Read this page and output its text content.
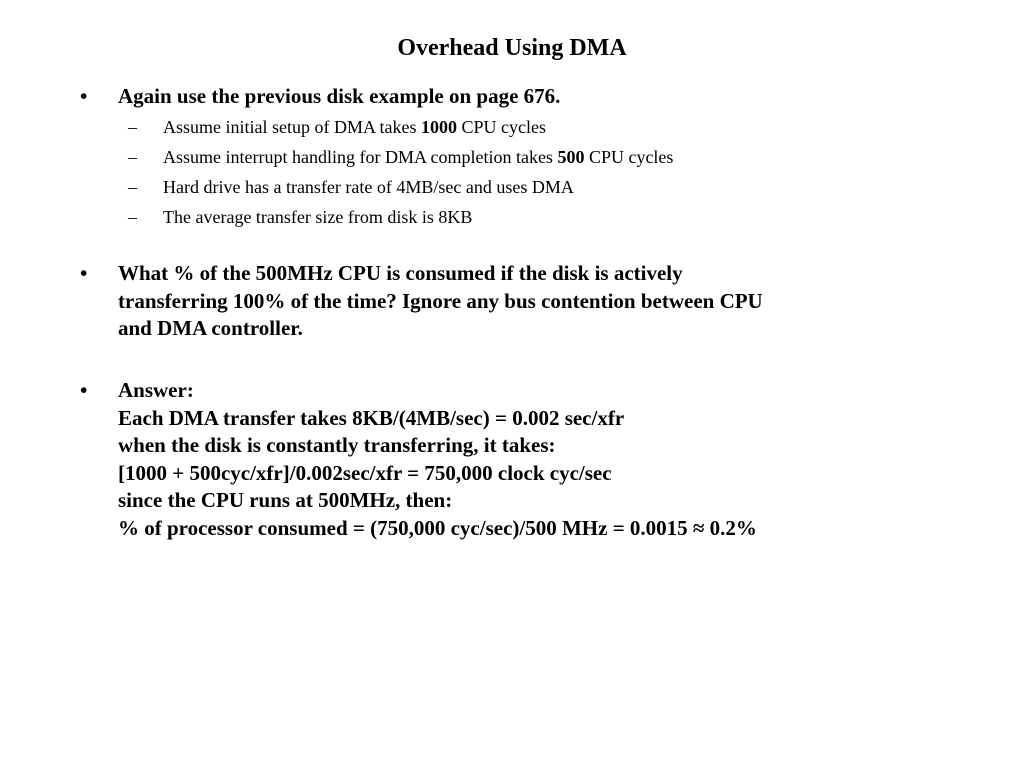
Overhead Using DMA
•	Again use the previous disk example on page 676.
– Assume initial setup of DMA takes 1000 CPU cycles
– Assume interrupt handling for DMA completion takes 500 CPU cycles
– Hard drive has a transfer rate of 4MB/sec and uses DMA
– The average transfer size from disk is 8KB
•	What % of the 500MHz CPU is consumed if the disk is actively
transferring 100% of the time? Ignore any bus contention between CPU
and DMA controller.
•	Answer:
Each DMA transfer takes 8KB/(4MB/sec) = 0.002 sec/xfr
when the disk is constantly transferring, it takes:
[1000 + 500cyc/xfr]/0.002sec/xfr = 750,000 clock cyc/sec
since the CPU runs at 500MHz, then:
% of processor consumed = (750,000 cyc/sec)/500 MHz = 0.0015 ≈ 0.2%
